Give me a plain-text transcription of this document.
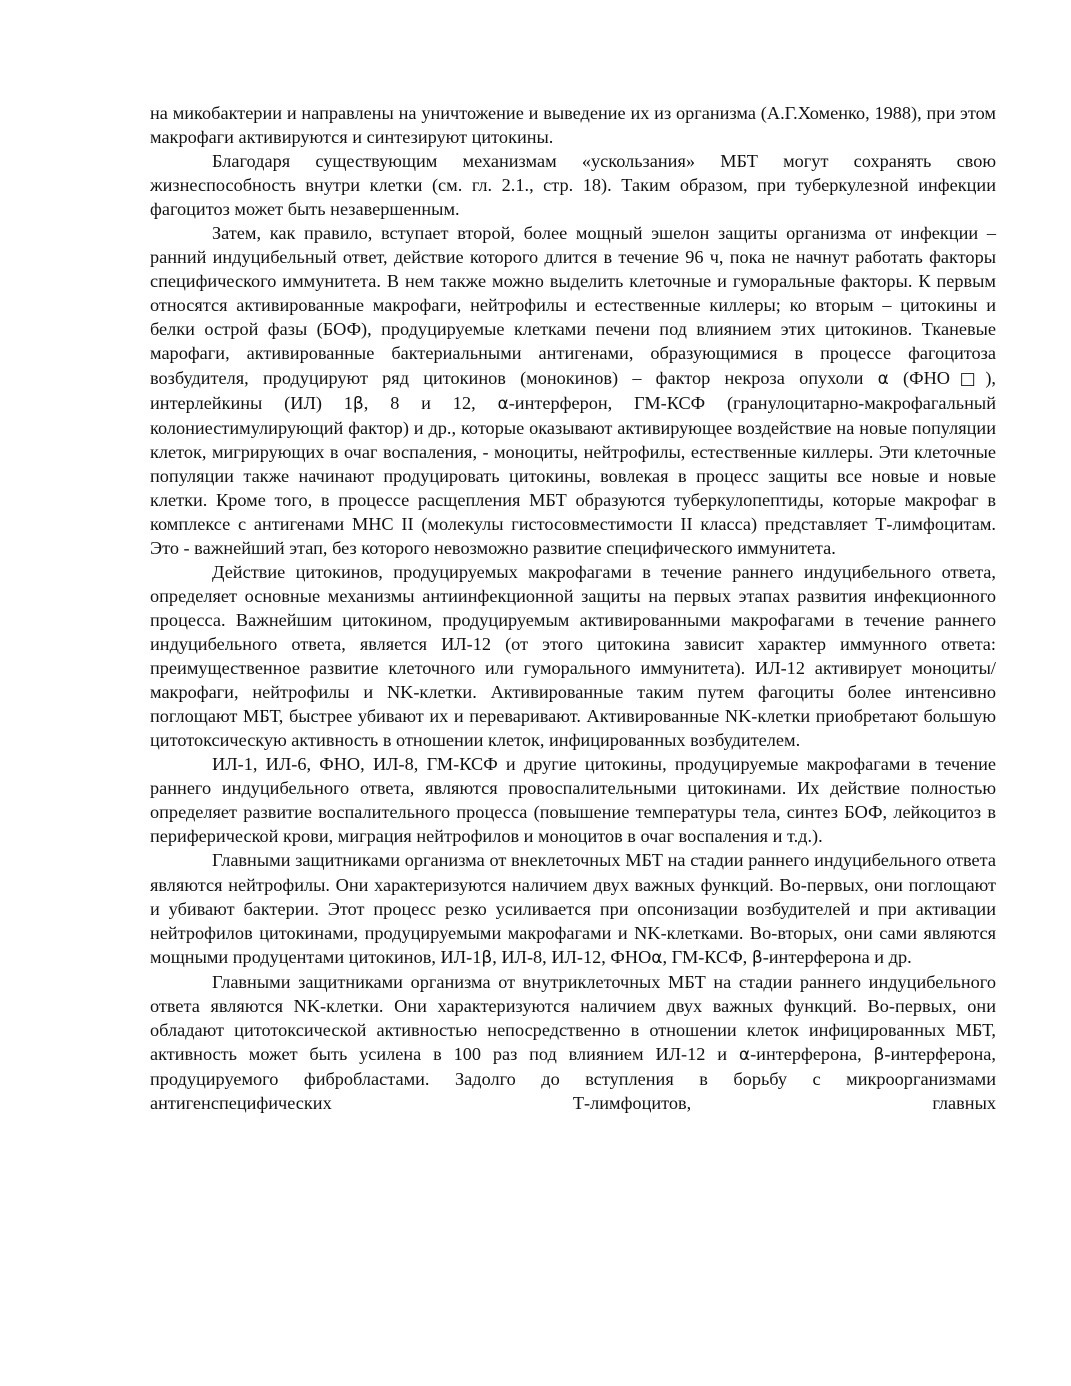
на микобактерии и направлены на уничтожение и выведение их из организма (А.Г.Хоменко, 1988), при этом макрофаги активируются и синтезируют цитокины.

Благодаря существующим механизмам «ускользания» МБТ могут сохранять свою жизнеспособность внутри клетки (см. гл. 2.1., стр. 18). Таким образом, при туберкулезной инфекции фагоцитоз может быть незавершенным.

Затем, как правило, вступает второй, более мощный эшелон защиты организма от инфекции – ранний индуцибельный ответ, действие которого длится в течение 96 ч, пока не начнут работать факторы специфического иммунитета. В нем также можно выделить клеточные и гуморальные факторы. К первым относятся активированные макрофаги, нейтрофилы и естественные киллеры; ко вторым – цитокины и белки острой фазы (БОФ), продуцируемые клетками печени под влиянием этих цитокинов. Тканевые марофаги, активированные бактериальными антигенами, образующимися в процессе фагоцитоза возбудителя, продуцируют ряд цитокинов (монокинов) – фактор некроза опухоли α (ФНО□), интерлейкины (ИЛ) 1β, 8 и 12, α-интерферон, ГМ-КСФ (гранулоцитарно-макрофагальный колониестимулирующий фактор) и др., которые оказывают активирующее воздействие на новые популяции клеток, мигрирующих в очаг воспаления, - моноциты, нейтрофилы, естественные киллеры. Эти клеточные популяции также начинают продуцировать цитокины, вовлекая в процесс защиты все новые и новые клетки. Кроме того, в процессе расщепления МБТ образуются туберкулопептиды, которые макрофаг в комплексе с антигенами МНС II (молекулы гистосовместимости II класса) представляет Т-лимфоцитам. Это - важнейший этап, без которого невозможно развитие специфического иммунитета.

Действие цитокинов, продуцируемых макрофагами в течение раннего индуцибельного ответа, определяет основные механизмы антиинфекционной защиты на первых этапах развития инфекционного процесса. Важнейшим цитокином, продуцируемым активированными макрофагами в течение раннего индуцибельного ответа, является ИЛ-12 (от этого цитокина зависит характер иммунного ответа: преимущественное развитие клеточного или гуморального иммунитета). ИЛ-12 активирует моноциты/макрофаги, нейтрофилы и NK-клетки. Активированные таким путем фагоциты более интенсивно поглощают МБТ, быстрее убивают их и переваривают. Активированные NK-клетки приобретают большую цитотоксическую активность в отношении клеток, инфицированных возбудителем.

ИЛ-1, ИЛ-6, ФНО, ИЛ-8, ГМ-КСФ и другие цитокины, продуцируемые макрофагами в течение раннего индуцибельного ответа, являются провоспалительными цитокинами. Их действие полностью определяет развитие воспалительного процесса (повышение температуры тела, синтез БОФ, лейкоцитоз в периферической крови, миграция нейтрофилов и моноцитов в очаг воспаления и т.д.).

Главными защитниками организма от внеклеточных МБТ на стадии раннего индуцибельного ответа являются нейтрофилы. Они характеризуются наличием двух важных функций. Во-первых, они поглощают и убивают бактерии. Этот процесс резко усиливается при опсонизации возбудителей и при активации нейтрофилов цитокинами, продуцируемыми макрофагами и NK-клетками. Во-вторых, они сами являются мощными продуцентами цитокинов, ИЛ-1β, ИЛ-8, ИЛ-12, ФНОα, ГМ-КСФ, β-интерферона и др.

Главными защитниками организма от внутриклеточных МБТ на стадии раннего индуцибельного ответа являются NK-клетки. Они характеризуются наличием двух важных функций. Во-первых, они обладают цитотоксической активностью непосредственно в отношении клеток инфицированных МБТ, активность может быть усилена в 100 раз под влиянием ИЛ-12 и α-интерферона, β-интерферона, продуцируемого фибробластами. Задолго до вступления в борьбу с микроорганизмами антигенспецифических Т-лимфоцитов, главных
